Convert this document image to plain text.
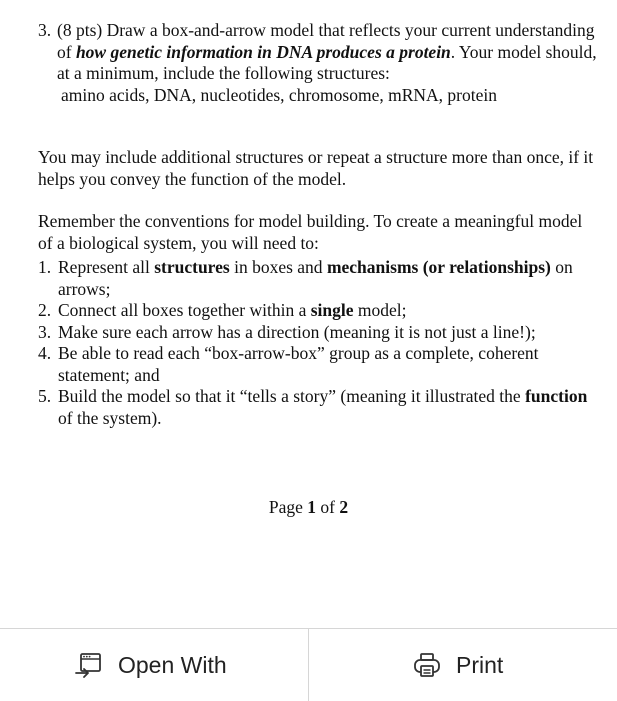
3. (8 pts) Draw a box-and-arrow model that reflects your current understanding of how genetic information in DNA produces a protein. Your model should, at a minimum, include the following structures:
amino acids, DNA, nucleotides, chromosome, mRNA, protein
You may include additional structures or repeat a structure more than once, if it helps you convey the function of the model.
Remember the conventions for model building. To create a meaningful model of a biological system, you will need to:
1. Represent all structures in boxes and mechanisms (or relationships) on arrows;
2. Connect all boxes together within a single model;
3. Make sure each arrow has a direction (meaning it is not just a line!);
4. Be able to read each “box-arrow-box” group as a complete, coherent statement; and
5. Build the model so that it “tells a story” (meaning it illustrated the function of the system).
Page 1 of 2
Open With	Print
